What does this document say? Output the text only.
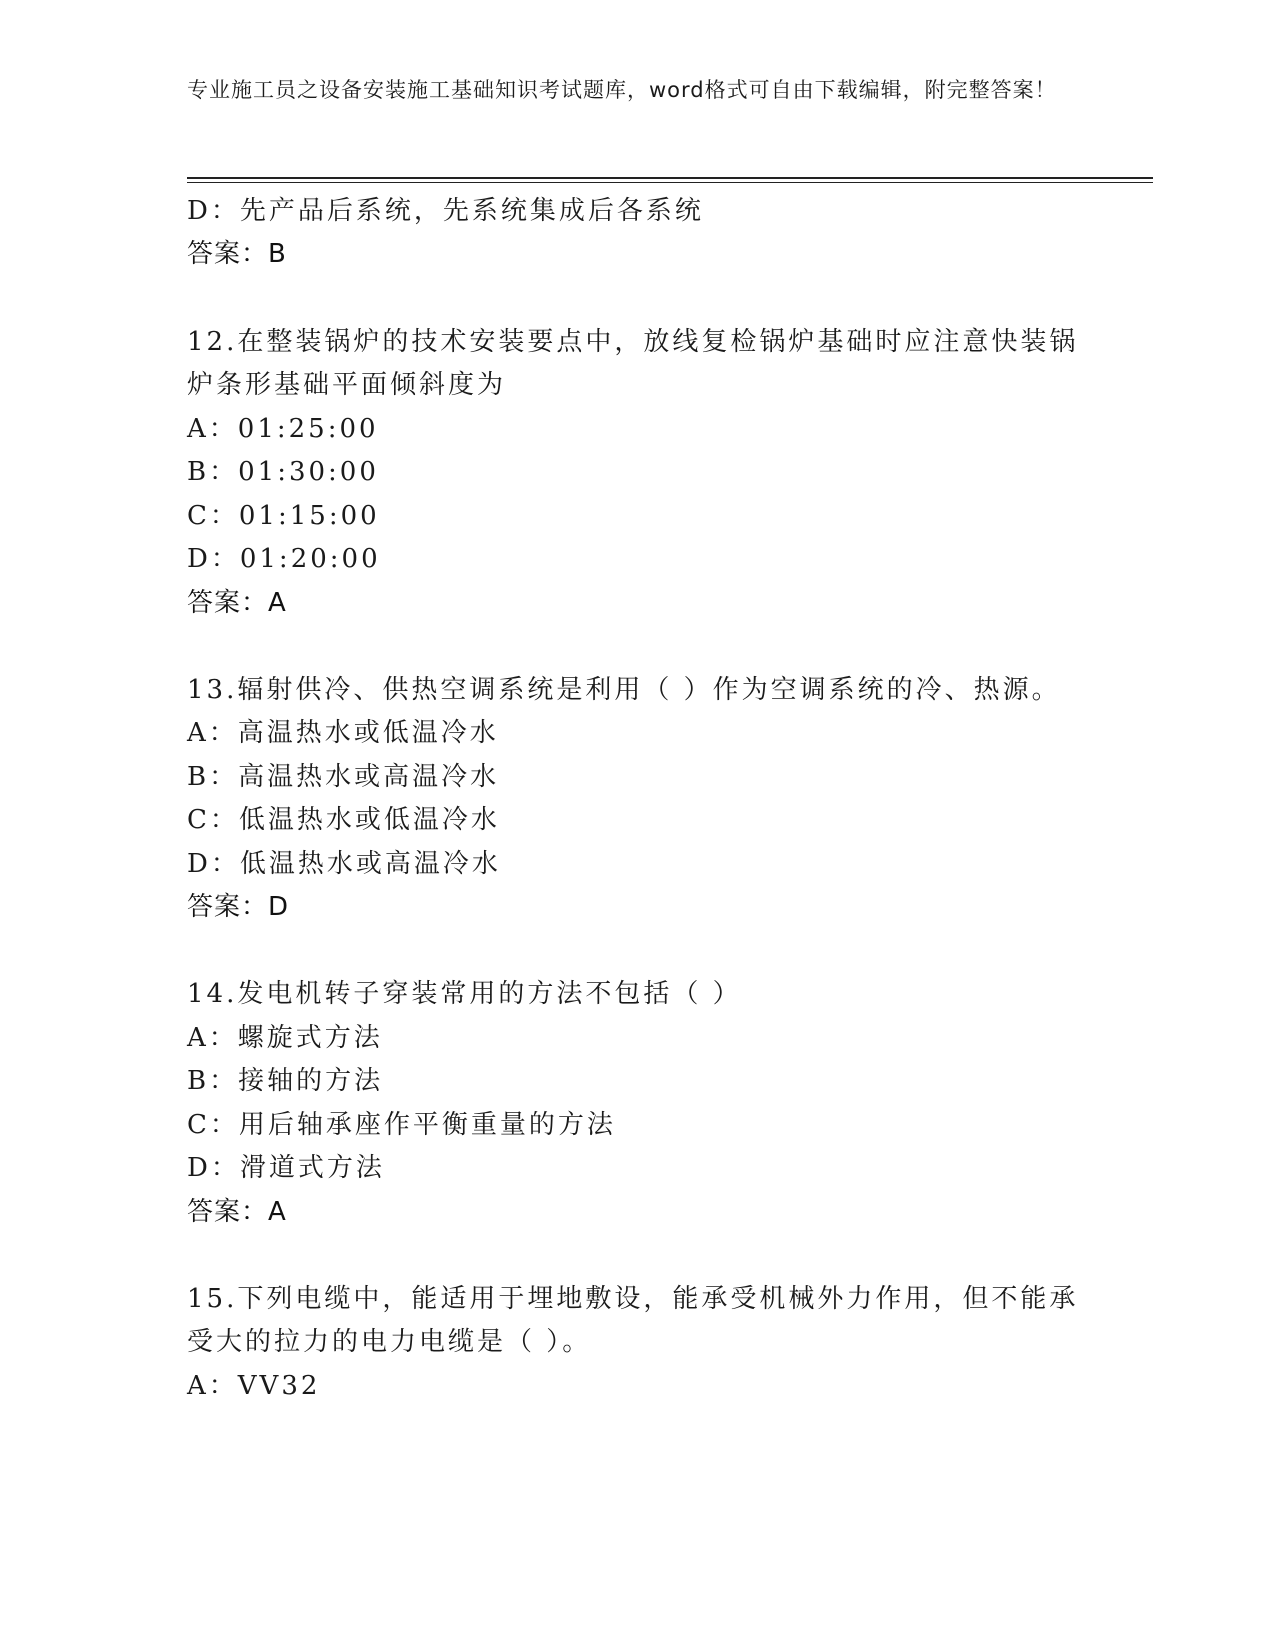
专业施工员之设备安装施工基础知识考试题库，word格式可自由下载编辑，附完整答案！
D：先产品后系统，先系统集成后各系统
答案：B
12.在整装锅炉的技术安装要点中，放线复检锅炉基础时应注意快装锅
炉条形基础平面倾斜度为
A：01:25:00
B：01:30:00
C：01:15:00
D：01:20:00
答案：A
13.辐射供冷、供热空调系统是利用（ ）作为空调系统的冷、热源。
A：高温热水或低温冷水
B：高温热水或高温冷水
C：低温热水或低温冷水
D：低温热水或高温冷水
答案：D
14.发电机转子穿装常用的方法不包括（ ）
A：螺旋式方法
B：接轴的方法
C：用后轴承座作平衡重量的方法
D：滑道式方法
答案：A
15.下列电缆中，能适用于埋地敷设，能承受机械外力作用，但不能承
受大的拉力的电力电缆是（ ）。
A：VV32
